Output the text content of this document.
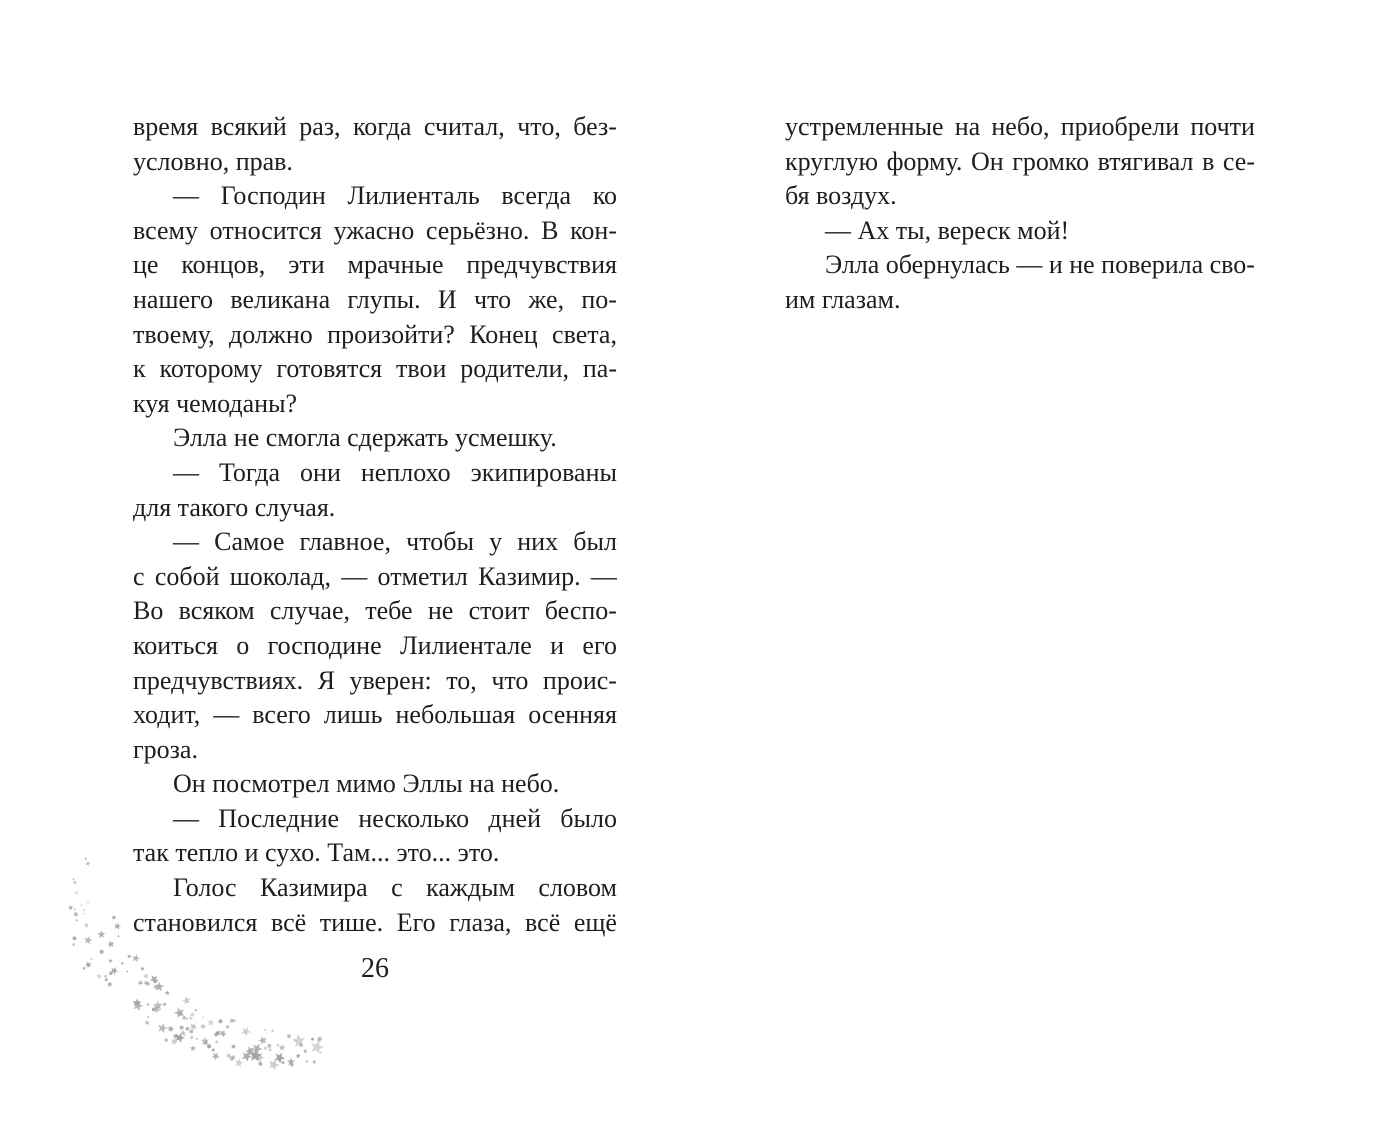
время всякий раз, когда считал, что, без-
условно, прав.
— Господин Лилиенталь всегда ко
всему относится ужасно серьёзно. В кон-
це концов, эти мрачные предчувствия
нашего великана глупы. И что же, по-
твоему, должно произойти? Конец света,
к которому готовятся твои родители, па-
куя чемоданы?
Элла не смогла сдержать усмешку.
— Тогда они неплохо экипированы
для такого случая.
— Самое главное, чтобы у них был
с собой шоколад, — отметил Казимир. —
Во всяком случае, тебе не стоит беспо-
коиться о господине Лилиентале и его
предчувствиях. Я уверен: то, что проис-
ходит, — всего лишь небольшая осенняя
гроза.
Он посмотрел мимо Эллы на небо.
— Последние несколько дней было
так тепло и сухо. Там... это... это.
Голос Казимира с каждым словом
становился всё тише. Его глаза, всё ещё
26
устремленные на небо, приобрели почти
круглую форму. Он громко втягивал в се-
бя воздух.
— Ах ты, вереск мой!
Элла обернулась — и не поверила сво-
им глазам.
